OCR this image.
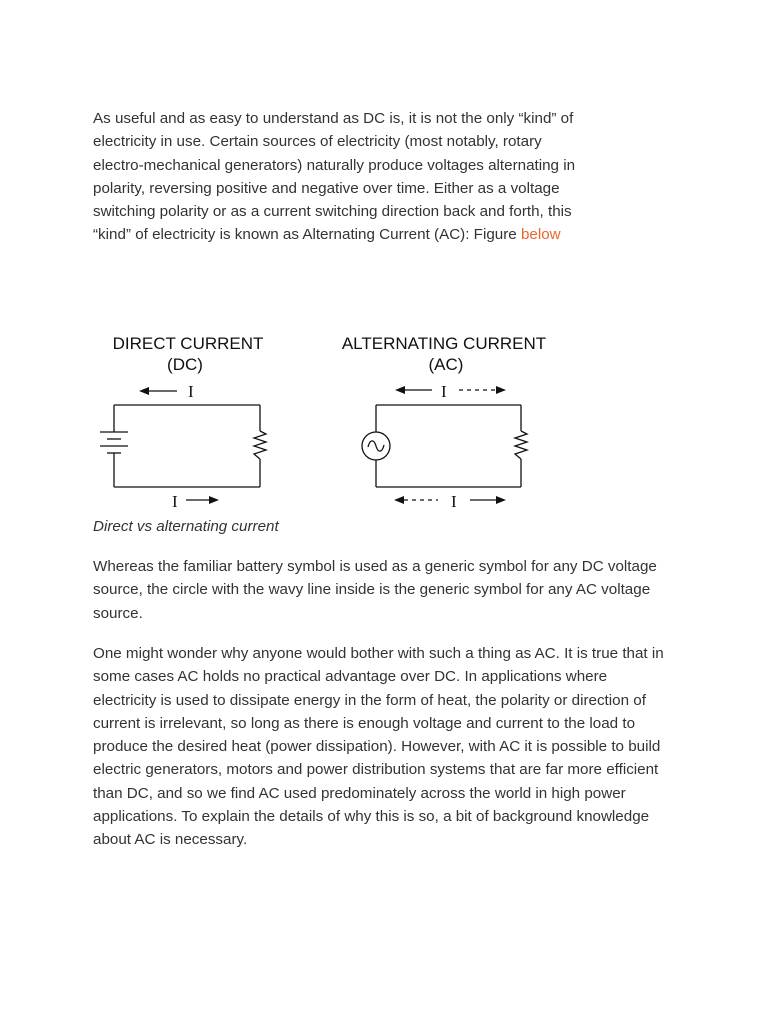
As useful and as easy to understand as DC is, it is not the only “kind” of electricity in use. Certain sources of electricity (most notably, rotary electro-mechanical generators) naturally produce voltages alternating in polarity, reversing positive and negative over time. Either as a voltage switching polarity or as a current switching direction back and forth, this “kind” of electricity is known as Alternating Current (AC): Figure below

DIRECT CURRENT
(DC)
ALTERNATING CURRENT
(AC)
I
I
I
I

Direct vs alternating current

Whereas the familiar battery symbol is used as a generic symbol for any DC voltage source, the circle with the wavy line inside is the generic symbol for any AC voltage source.

One might wonder why anyone would bother with such a thing as AC. It is true that in some cases AC holds no practical advantage over DC. In applications where electricity is used to dissipate energy in the form of heat, the polarity or direction of current is irrelevant, so long as there is enough voltage and current to the load to produce the desired heat (power dissipation). However, with AC it is possible to build electric generators, motors and power distribution systems that are far more efficient than DC, and so we find AC used predominately across the world in high power applications. To explain the details of why this is so, a bit of background knowledge about AC is necessary.
